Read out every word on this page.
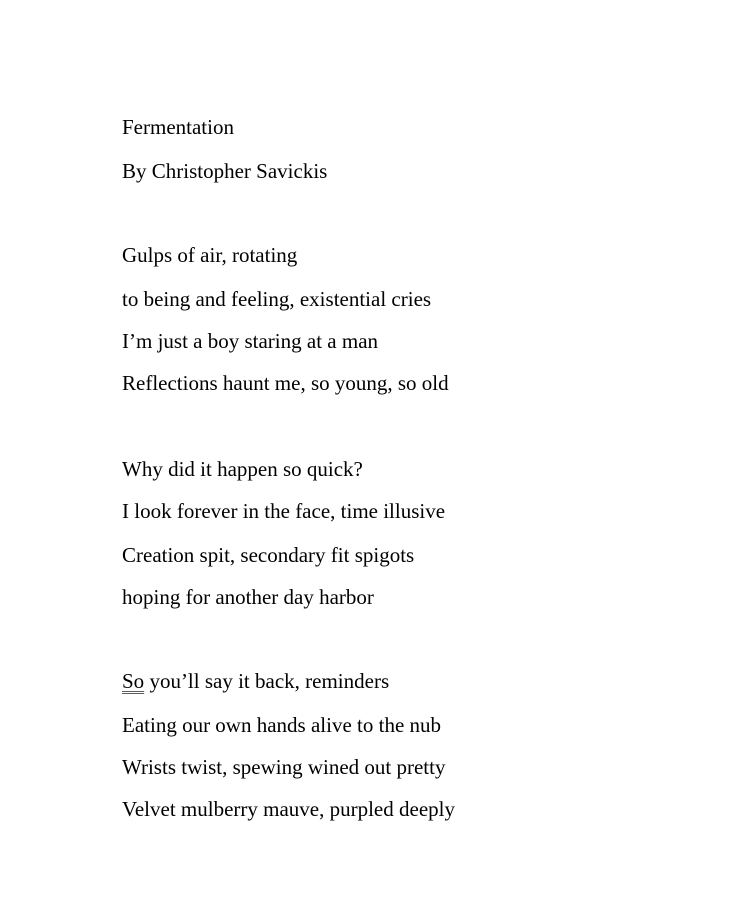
Fermentation
By Christopher Savickis
Gulps of air, rotating
to being and feeling, existential cries
I’m just a boy staring at a man
Reflections haunt me, so young, so old
Why did it happen so quick?
I look forever in the face, time illusive
Creation spit, secondary fit spigots
hoping for another day harbor
So you’ll say it back, reminders
Eating our own hands alive to the nub
Wrists twist, spewing wined out pretty
Velvet mulberry mauve, purpled deeply
